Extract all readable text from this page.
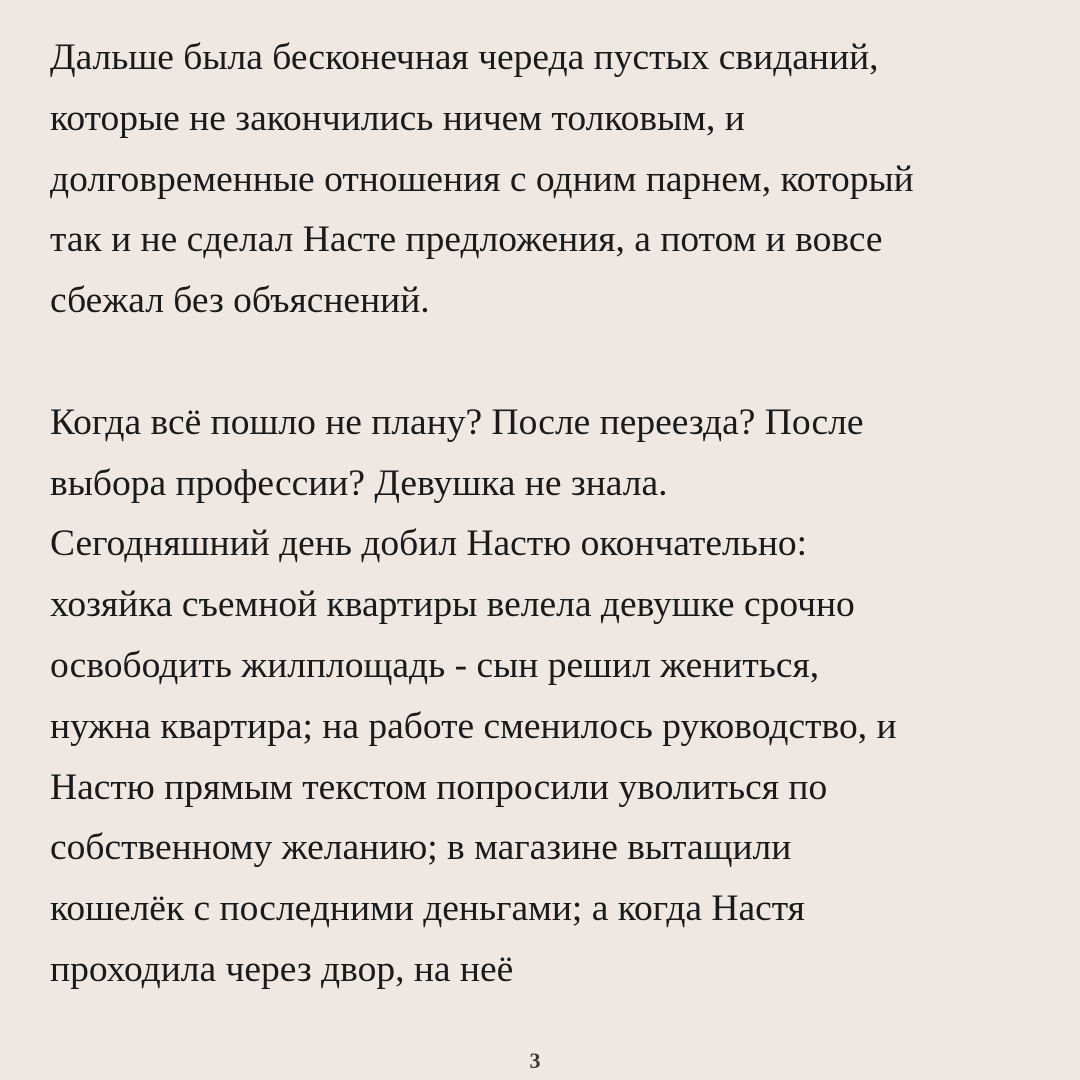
Дальше была бесконечная череда пустых свиданий,
которые не закончились ничем толковым, и
долговременные отношения с одним парнем, который
так и не сделал Насте предложения, а потом и вовсе
сбежал без объяснений.
Когда всё пошло не плану? После переезда? После
выбора профессии? Девушка не знала.
Сегодняшний день добил Настю окончательно:
хозяйка съемной квартиры велела девушке срочно
освободить жилплощадь - сын решил жениться,
нужна квартира; на работе сменилось руководство, и
Настю прямым текстом попросили уволиться по
собственному желанию; в магазине вытащили
кошелёк с последними деньгами; а когда Настя
проходила через двор, на неё
3
